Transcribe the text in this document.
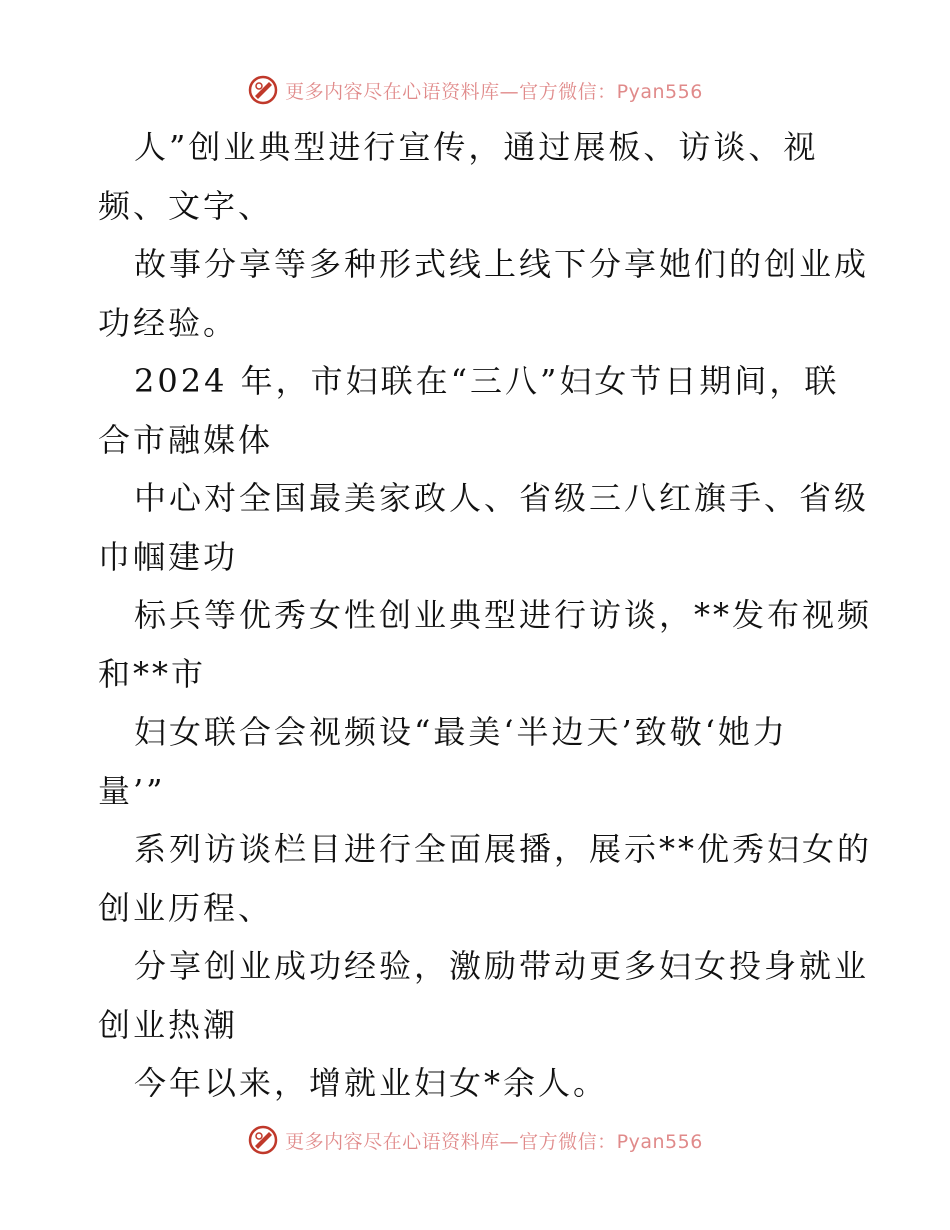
更多内容尽在心语资料库—官方微信：Pyan556
人”创业典型进行宣传，通过展板、访谈、视
频、文字、
故事分享等多种形式线上线下分享她们的创业成
功经验。
2024 年，市妇联在“三八”妇女节日期间，联
合市融媒体
中心对全国最美家政人、省级三八红旗手、省级
巾帼建功
标兵等优秀女性创业典型进行访谈，**发布视频
和**市
妇女联合会视频设“最美‘半边天’致敬‘她力
量’”
系列访谈栏目进行全面展播，展示**优秀妇女的
创业历程、
分享创业成功经验，激励带动更多妇女投身就业
创业热潮
今年以来，增就业妇女*余人。
更多内容尽在心语资料库—官方微信：Pyan556
